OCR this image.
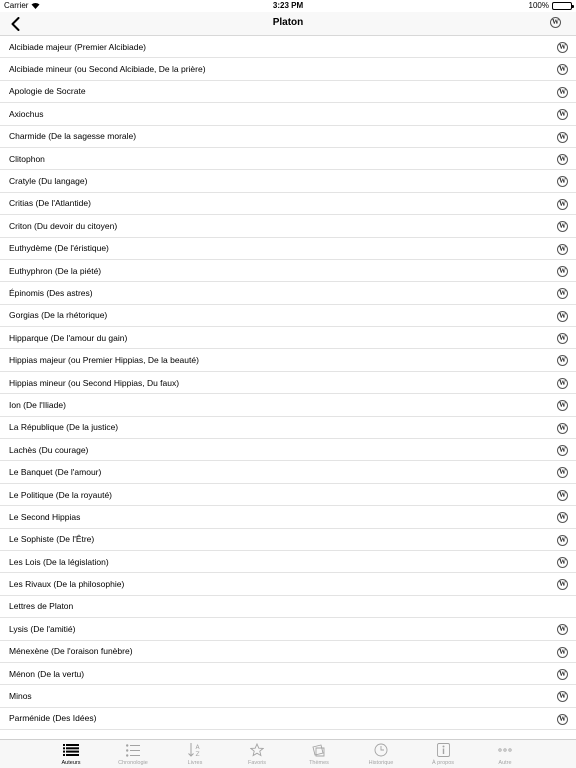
Carrier	3:23 PM	100%
Platon	W
Alcibiade majeur (Premier Alcibiade)	W
Alcibiade mineur (ou Second Alcibiade, De la prière)	W
Apologie de Socrate	W
Axiochus	W
Charmide (De la sagesse morale)	W
Clitophon	W
Cratyle (Du langage)	W
Critias (De l'Atlantide)	W
Criton (Du devoir du citoyen)	W
Euthydème (De l'éristique)	W
Euthyphron (De la piété)	W
Épinomis (Des astres)	W
Gorgias (De la rhétorique)	W
Hipparque (De l'amour du gain)	W
Hippias majeur (ou Premier Hippias, De la beauté)	W
Hippias mineur (ou Second Hippias, Du faux)	W
Ion (De l'Iliade)	W
La République (De la justice)	W
Lachès (Du courage)	W
Le Banquet (De l'amour)	W
Le Politique (De la royauté)	W
Le Second Hippias	W
Le Sophiste (De l'Être)	W
Les Lois (De la législation)	W
Les Rivaux (De la philosophie)	W
Lettres de Platon
Lysis (De l'amitié)	W
Ménexène (De l'oraison funèbre)	W
Ménon (De la vertu)	W
Minos	W
Parménide (Des Idées)	W
Auteurs	Chronologie
A
Z
Livres	Favoris	Thèmes	Historique	À propos	Autre
